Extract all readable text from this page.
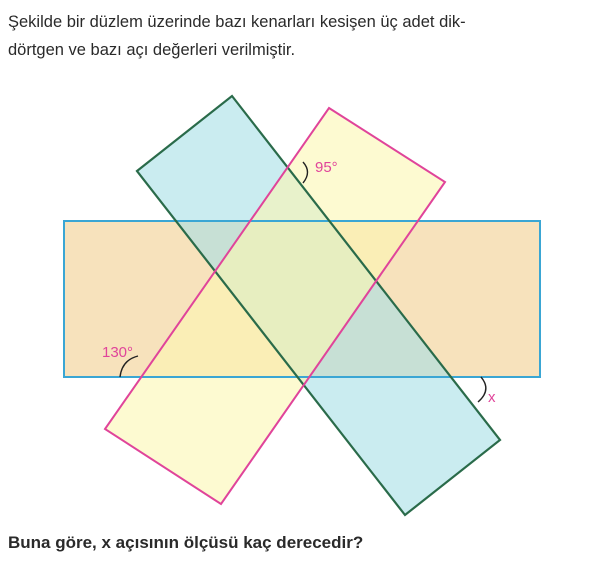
Şekilde bir düzlem üzerinde bazı kenarları kesişen üç adet dik-
dörtgen ve bazı açı değerleri verilmiştir.
95°
130°
x
Buna göre, x açısının ölçüsü kaç derecedir?
